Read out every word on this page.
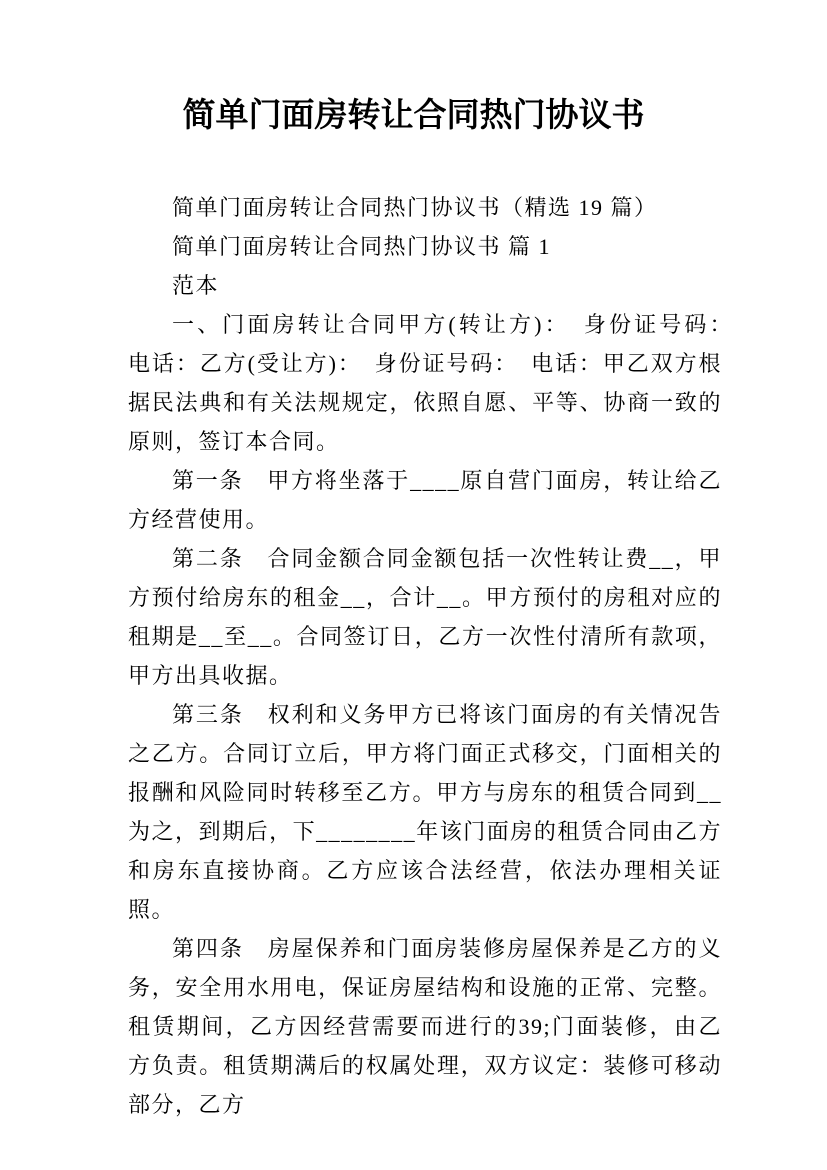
简单门面房转让合同热门协议书

简单门面房转让合同热门协议书（精选 19 篇）

简单门面房转让合同热门协议书 篇 1

范本

一、门面房转让合同甲方(转让方)：　身份证号码：　电话：乙方(受让方)：　身份证号码：　电话：甲乙双方根据民法典和有关法规规定，依照自愿、平等、协商一致的原则，签订本合同。

第一条　甲方将坐落于____原自营门面房，转让给乙方经营使用。

第二条　合同金额合同金额包括一次性转让费__，甲方预付给房东的租金__，合计__。甲方预付的房租对应的租期是__至__。合同签订日，乙方一次性付清所有款项，甲方出具收据。

第三条　权利和义务甲方已将该门面房的有关情况告之乙方。合同订立后，甲方将门面正式移交，门面相关的报酬和风险同时转移至乙方。甲方与房东的租赁合同到__为之，到期后，下________年该门面房的租赁合同由乙方和房东直接协商。乙方应该合法经营，依法办理相关证照。

第四条　房屋保养和门面房装修房屋保养是乙方的义务，安全用水用电，保证房屋结构和设施的正常、完整。租赁期间，乙方因经营需要而进行的39;门面装修，由乙方负责。租赁期满后的权属处理，双方议定：装修可移动部分，乙方
